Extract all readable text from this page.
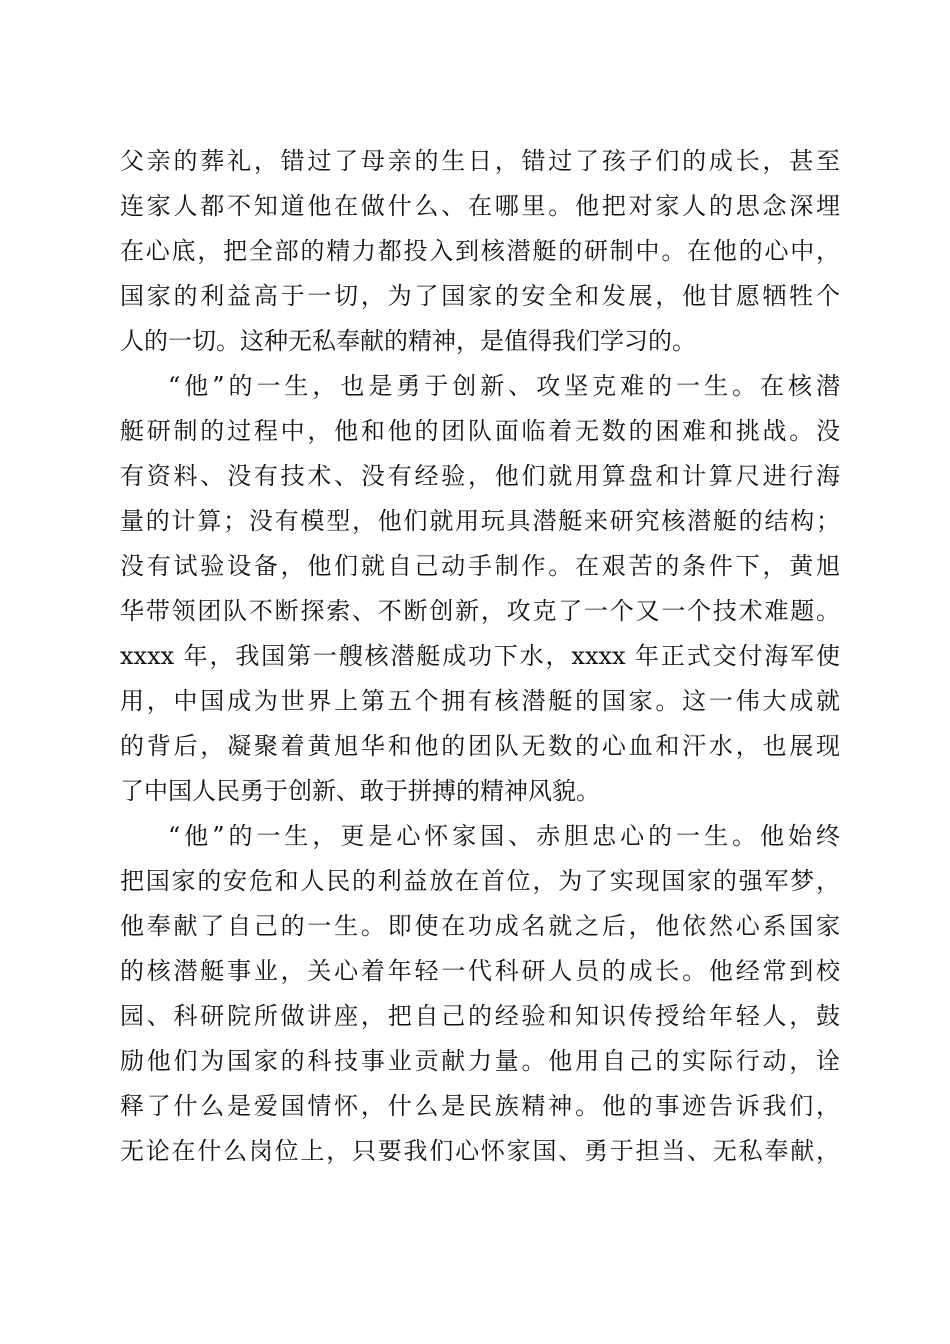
父亲的葬礼，错过了母亲的生日，错过了孩子们的成长，甚至
连家人都不知道他在做什么、在哪里。他把对家人的思念深埋
在心底，把全部的精力都投入到核潜艇的研制中。在他的心中，
国家的利益高于一切，为了国家的安全和发展，他甘愿牺牲个
人的一切。这种无私奉献的精神，是值得我们学习的。
“他”的一生，也是勇于创新、攻坚克难的一生。在核潜
艇研制的过程中，他和他的团队面临着无数的困难和挑战。没
有资料、没有技术、没有经验，他们就用算盘和计算尺进行海
量的计算；没有模型，他们就用玩具潜艇来研究核潜艇的结构；
没有试验设备，他们就自己动手制作。在艰苦的条件下，黄旭
华带领团队不断探索、不断创新，攻克了一个又一个技术难题。
xxxx 年，我国第一艘核潜艇成功下水，xxxx 年正式交付海军使
用，中国成为世界上第五个拥有核潜艇的国家。这一伟大成就
的背后，凝聚着黄旭华和他的团队无数的心血和汗水，也展现
了中国人民勇于创新、敢于拼搏的精神风貌。
“他”的一生，更是心怀家国、赤胆忠心的一生。他始终
把国家的安危和人民的利益放在首位，为了实现国家的强军梦，
他奉献了自己的一生。即使在功成名就之后，他依然心系国家
的核潜艇事业，关心着年轻一代科研人员的成长。他经常到校
园、科研院所做讲座，把自己的经验和知识传授给年轻人，鼓
励他们为国家的科技事业贡献力量。他用自己的实际行动，诠
释了什么是爱国情怀，什么是民族精神。他的事迹告诉我们，
无论在什么岗位上，只要我们心怀家国、勇于担当、无私奉献，
